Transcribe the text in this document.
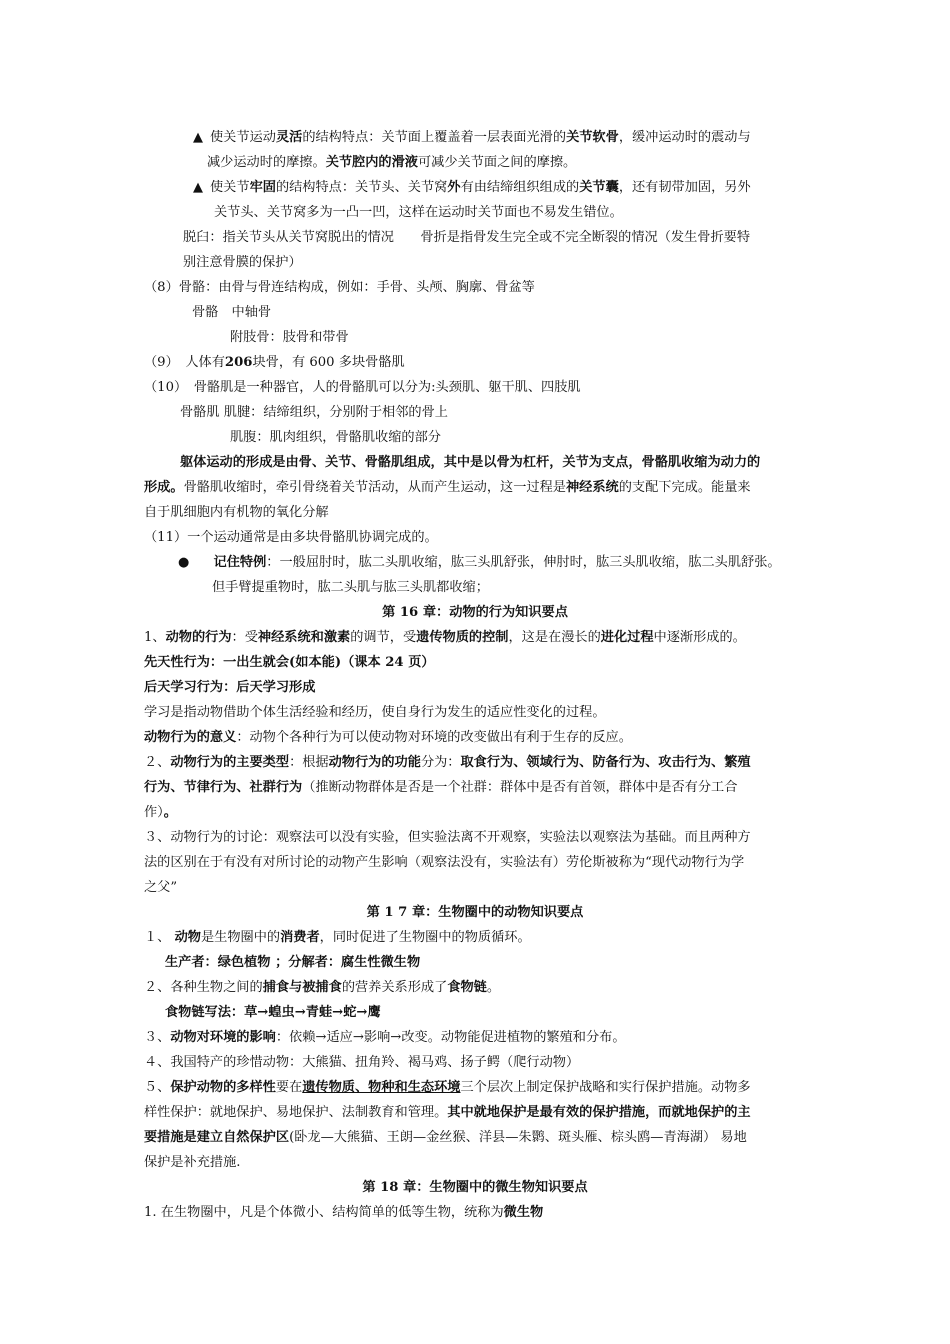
▲ 使关节运动灵活的结构特点：关节面上覆盖着一层表面光滑的关节软骨，缓冲运动时的震动与
减少运动时的摩擦。关节腔内的滑液可减少关节面之间的摩擦。
▲ 使关节牢固的结构特点：关节头、关节窝外有由结缔组织组成的关节囊，还有韧带加固，另外
关节头、关节窝多为一凸一凹，这样在运动时关节面也不易发生错位。
脱臼：指关节头从关节窝脱出的情况　　骨折是指骨发生完全或不完全断裂的情况（发生骨折要特
别注意骨膜的保护）
（8）骨骼：由骨与骨连结构成，例如：手骨、头颅、胸廓、骨盆等
骨骼　中轴骨
附肢骨：肢骨和带骨
（9）　人体有206块骨，有 600 多块骨骼肌
（10）　骨骼肌是一种器官，人的骨骼肌可以分为:头颈肌、躯干肌、四肢肌
骨骼肌 肌腱：结缔组织，分别附于相邻的骨上
肌腹：肌肉组织，骨骼肌收缩的部分
躯体运动的形成是由骨、关节、骨骼肌组成，其中是以骨为杠杆，关节为支点，骨骼肌收缩为动力的
形成。骨骼肌收缩时，牵引骨绕着关节活动，从而产生运动，这一过程是神经系统的支配下完成。能量来
自于肌细胞内有机物的氧化分解
（11）一个运动通常是由多块骨骼肌协调完成的。
● 记住特例：一般屈肘时，肱二头肌收缩，肱三头肌舒张，伸肘时，肱三头肌收缩，肱二头肌舒张。
但手臂提重物时，肱二头肌与肱三头肌都收缩；
第 16 章：动物的行为知识要点
1、动物的行为：受神经系统和激素的调节，受遗传物质的控制，这是在漫长的进化过程中逐渐形成的。
先天性行为：一出生就会(如本能)（课本 24 页）
后天学习行为：后天学习形成
学习是指动物借助个体生活经验和经历，使自身行为发生的适应性变化的过程。
动物行为的意义：动物个各种行为可以使动物对环境的改变做出有利于生存的反应。
２、动物行为的主要类型：根据动物行为的功能分为：取食行为、领域行为、防备行为、攻击行为、繁殖
行为、节律行为、社群行为（推断动物群体是否是一个社群：群体中是否有首领，群体中是否有分工合
作）。
３、动物行为的讨论：观察法可以没有实验，但实验法离不开观察，实验法以观察法为基础。而且两种方
法的区别在于有没有对所讨论的动物产生影响（观察法没有，实验法有）劳伦斯被称为“现代动物行为学
之父”
第 1 7 章：生物圈中的动物知识要点
１、 动物是生物圈中的消费者，同时促进了生物圈中的物质循环。
生产者：绿色植物 ；分解者：腐生性微生物
２、各种生物之间的捕食与被捕食的营养关系形成了食物链。
食物链写法：草→蝗虫→青蛙→蛇→鹰
３、动物对环境的影响：依赖→适应→影响→改变。动物能促进植物的繁殖和分布。
４、我国特产的珍惜动物：大熊猫、扭角羚、褐马鸡、扬子鳄（爬行动物）
５、保护动物的多样性要在遗传物质、物种和生态环境三个层次上制定保护战略和实行保护措施。动物多
样性保护：就地保护、易地保护、法制教育和管理。其中就地保护是最有效的保护措施，而就地保护的主
要措施是建立自然保护区(卧龙—大熊猫、王朗—金丝猴、洋县—朱鹮、斑头雁、棕头鸥—青海湖） 易地
保护是补充措施.
第 18 章：生物圈中的微生物知识要点
1. 在生物圈中，凡是个体微小、结构简单的低等生物，统称为微生物
